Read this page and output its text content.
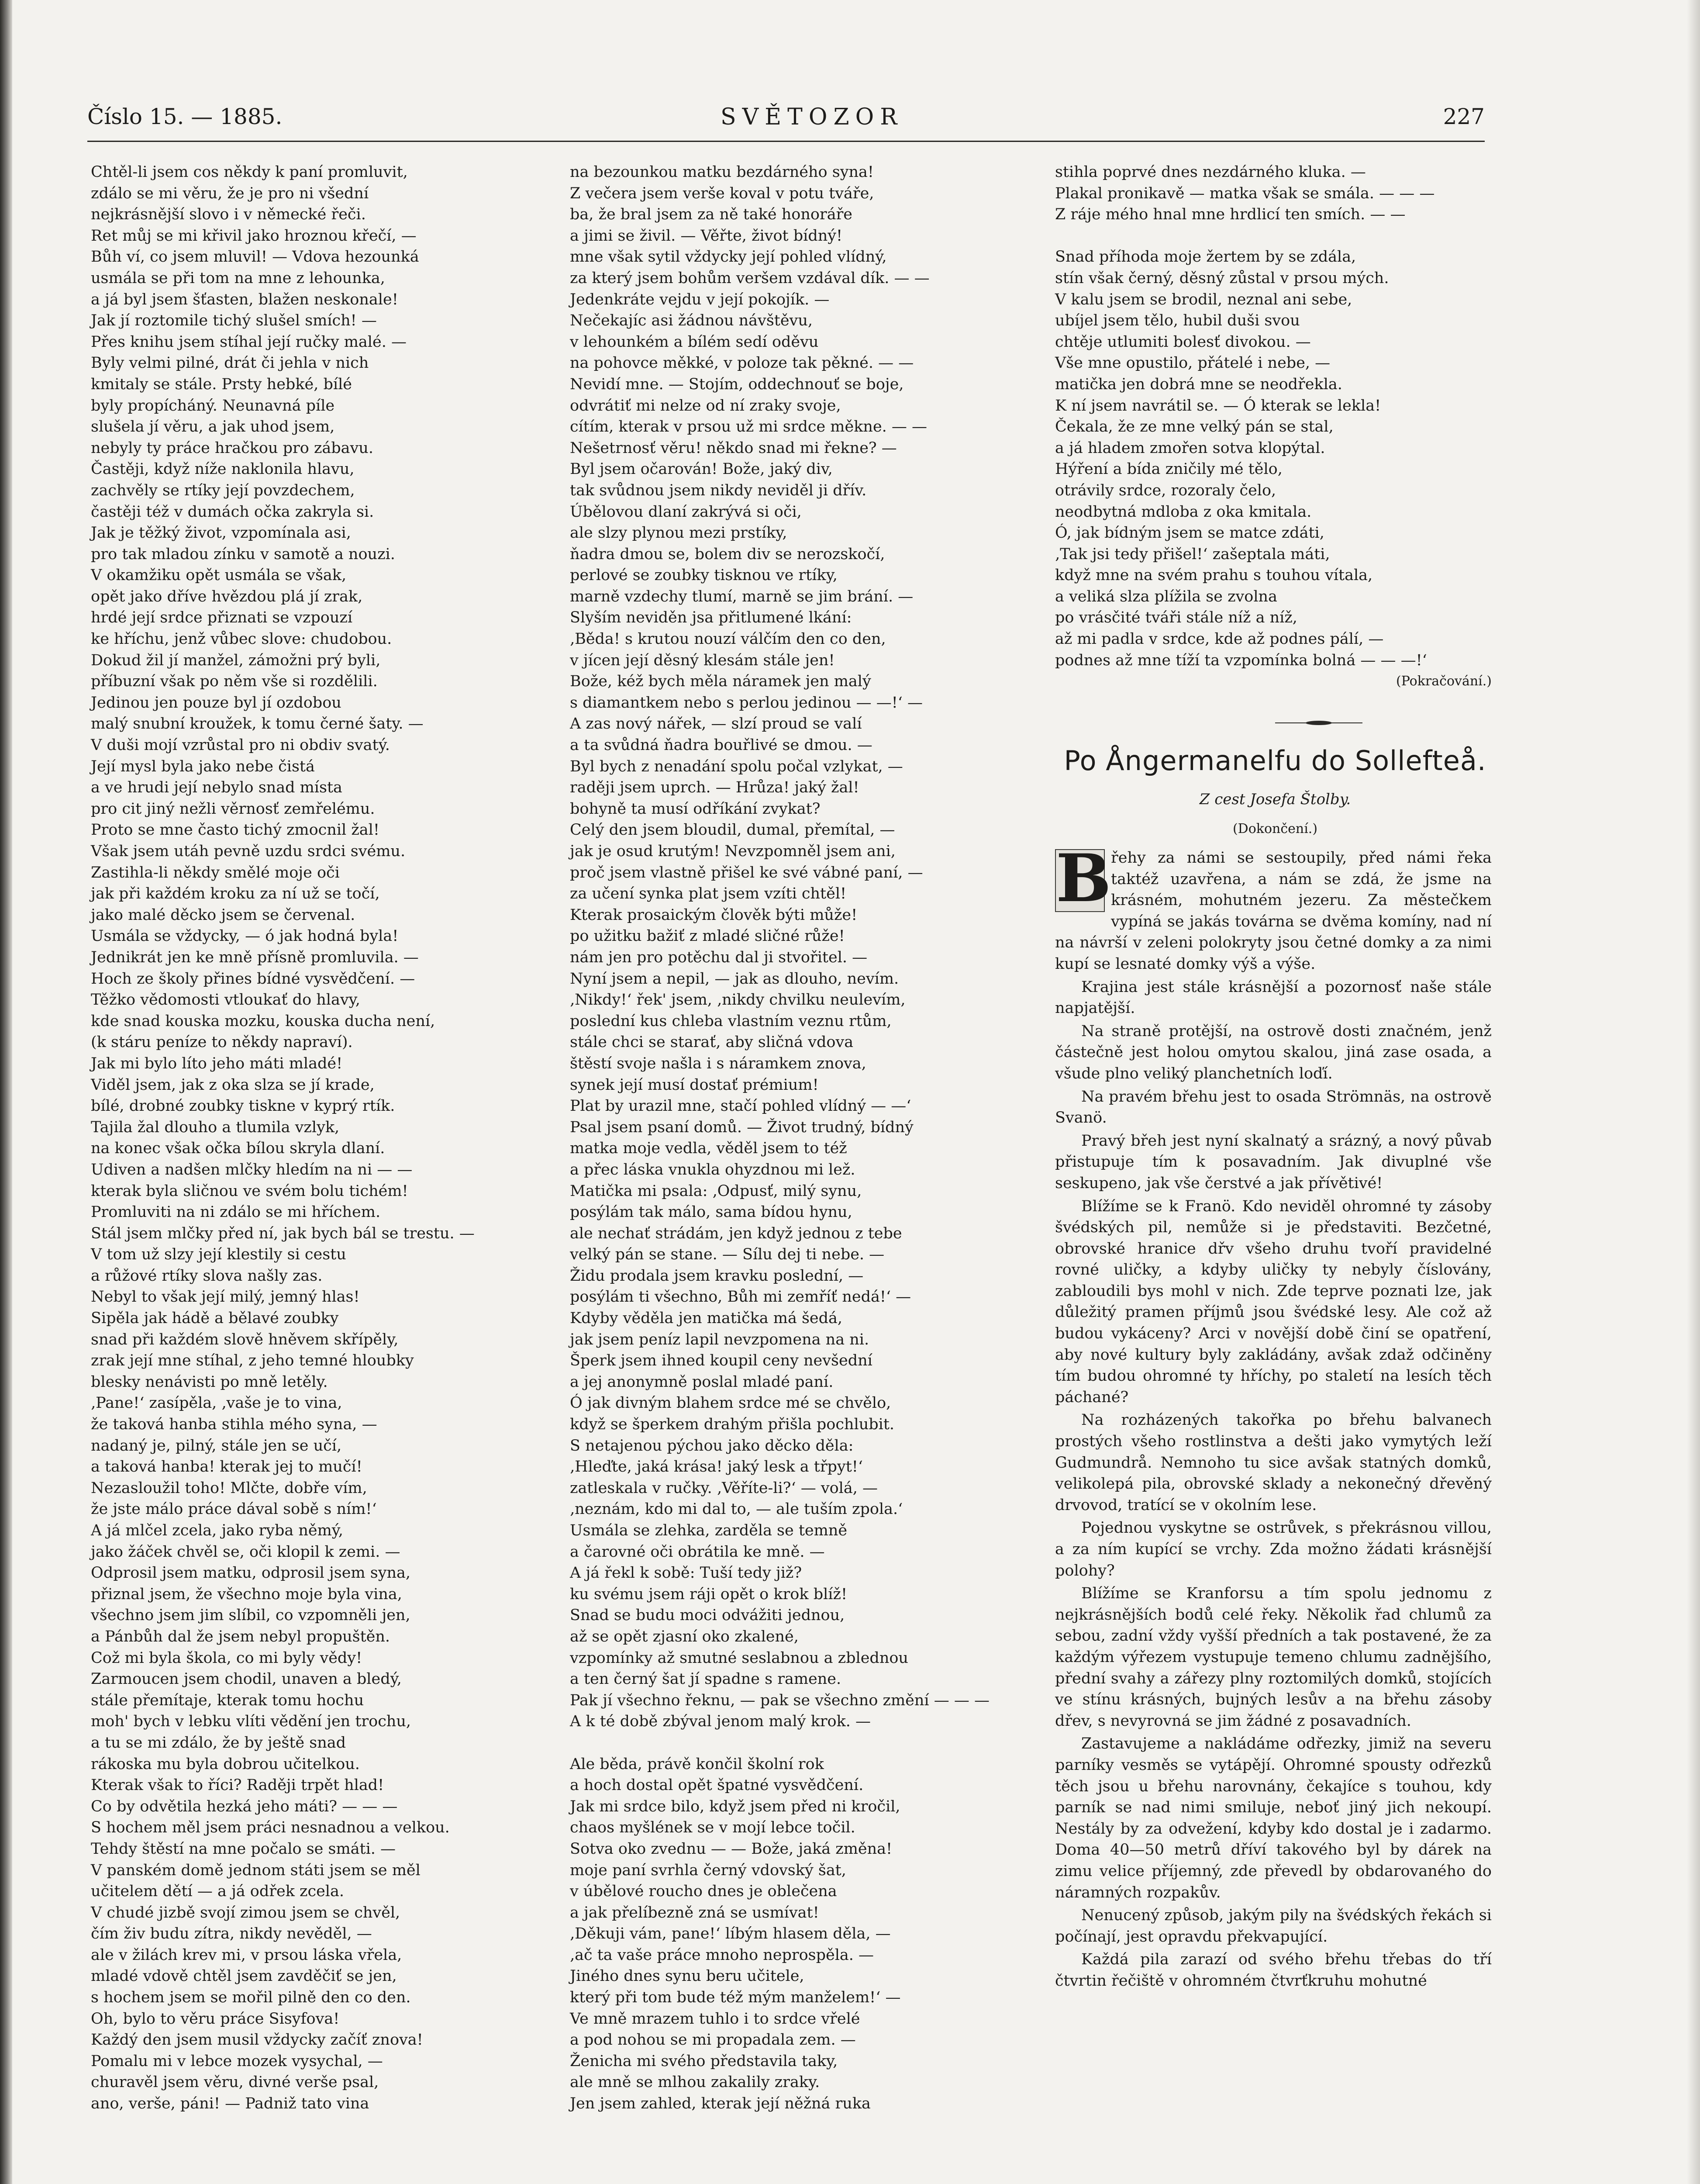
Číslo 15. — 1885.	SVĚTOZOR	227
Chtěl-li jsem cos někdy k paní promluvit,
zdálo se mi věru, že je pro ni všední
nejkrásnější slovo i v německé řeči.
Ret můj se mi křivil jako hroznou křečí, —
Bůh ví, co jsem mluvil! — Vdova hezounká
usmála se při tom na mne z lehounka,
a já byl jsem šťasten, blažen neskonale!
Jak jí roztomile tichý slušel smích! —
Přes knihu jsem stíhal její ručky malé. —
Byly velmi pilné, drát či jehla v nich
kmitaly se stále. Prsty hebké, bílé
byly propícháný. Neunavná píle
slušela jí věru, a jak uhod jsem,
nebyly ty práce hračkou pro zábavu.
Častěji, když níže naklonila hlavu,
zachvěly se rtíky její povzdechem,
častěji též v dumách očka zakryla si.
Jak je těžký život, vzpomínala asi,
pro tak mladou zínku v samotě a nouzi.
V okamžiku opět usmála se však,
opět jako dříve hvězdou plá jí zrak,
hrdé její srdce přiznati se vzpouzí
ke hříchu, jenž vůbec slove: chudobou.
Dokud žil jí manžel, zámožni prý byli,
příbuzní však po něm vše si rozdělili.
Jedinou jen pouze byl jí ozdobou
malý snubní kroužek, k tomu černé šaty. —
V duši mojí vzrůstal pro ni obdiv svatý.
Její mysl byla jako nebe čistá
a ve hrudi její nebylo snad místa
pro cit jiný nežli věrnosť zemřelému.
Proto se mne často tichý zmocnil žal!
Však jsem utáh pevně uzdu srdci svému.
Zastihla-li někdy smělé moje oči
jak při každém kroku za ní už se točí,
jako malé děcko jsem se červenal.
Usmála se vždycky, — ó jak hodná byla!
Jednikrát jen ke mně přísně promluvila. —
Hoch ze školy přines bídné vysvědčení. —
Těžko vědomosti vtloukať do hlavy,
kde snad kouska mozku, kouska ducha není,
(k stáru peníze to někdy napraví).
Jak mi bylo líto jeho máti mladé!
Viděl jsem, jak z oka slza se jí krade,
bílé, drobné zoubky tiskne v kyprý rtík.
Tajila žal dlouho a tlumila vzlyk,
na konec však očka bílou skryla dlaní.
Udiven a nadšen mlčky hledím na ni — —
kterak byla sličnou ve svém bolu tichém!
Promluviti na ni zdálo se mi hříchem.
Stál jsem mlčky před ní, jak bych bál se trestu. —
V tom už slzy její klestily si cestu
a růžové rtíky slova našly zas.
Nebyl to však její milý, jemný hlas!
Sipěla jak hádě a bělavé zoubky
snad při každém slově hněvem skřípěly,
zrak její mne stíhal, z jeho temné hloubky
blesky nenávisti po mně letěly.
‚Pane!‘ zasípěla, ‚vaše je to vina,
že taková hanba stihla mého syna, —
nadaný je, pilný, stále jen se učí,
a taková hanba! kterak jej to mučí!
Nezasloužil toho! Mlčte, dobře vím,
že jste málo práce dával sobě s ním!‘
A já mlčel zcela, jako ryba němý,
jako žáček chvěl se, oči klopil k zemi. —
Odprosil jsem matku, odprosil jsem syna,
přiznal jsem, že všechno moje byla vina,
všechno jsem jim slíbil, co vzpomněli jen,
a Pánbůh dal že jsem nebyl propuštěn.
Což mi byla škola, co mi byly vědy!
Zarmoucen jsem chodil, unaven a bledý,
stále přemítaje, kterak tomu hochu
moh' bych v lebku vlíti vědění jen trochu,
a tu se mi zdálo, že by ještě snad
rákoska mu byla dobrou učitelkou.
Kterak však to říci? Raději trpět hlad!
Co by odvětila hezká jeho máti? — — —
S hochem měl jsem práci nesnadnou a velkou.
Tehdy štěstí na mne počalo se smáti. —
V panském domě jednom státi jsem se měl
učitelem dětí — a já odřek zcela.
V chudé jizbě svojí zimou jsem se chvěl,
čím živ budu zítra, nikdy nevěděl, —
ale v žilách krev mi, v prsou láska vřela,
mladé vdově chtěl jsem zavděčiť se jen,
s hochem jsem se mořil pilně den co den.
Oh, bylo to věru práce Sisyfova!
Každý den jsem musil vždycky začíť znova!
Pomalu mi v lebce mozek vysychal, —
churavěl jsem věru, divné verše psal,
ano, verše, páni! — Padniž tato vina
na bezounkou matku bezdárného syna!
Z večera jsem verše koval v potu tváře,
ba, že bral jsem za ně také honoráře
a jimi se živil. — Věřte, život bídný!
mne však sytil vždycky její pohled vlídný,
za který jsem bohům veršem vzdával dík. — —
Jedenkráte vejdu v její pokojík. —
Nečekajíc asi žádnou návštěvu,
v lehounkém a bílém sedí oděvu
na pohovce měkké, v poloze tak pěkné. — —
Nevidí mne. — Stojím, oddechnouť se boje,
odvrátiť mi nelze od ní zraky svoje,
cítím, kterak v prsou už mi srdce měkne. — —
Nešetrnosť věru! někdo snad mi řekne? —
Byl jsem očarován! Bože, jaký div,
tak svůdnou jsem nikdy neviděl ji dřív.
Úbělovou dlaní zakrývá si oči,
ale slzy plynou mezi prstíky,
ňadra dmou se, bolem div se nerozskočí,
perlové se zoubky tisknou ve rtíky,
marně vzdechy tlumí, marně se jim brání. —
Slyším neviděn jsa přitlumené lkání:
‚Běda! s krutou nouzí válčím den co den,
v jícen její děsný klesám stále jen!
Bože, kéž bych měla náramek jen malý
s diamantkem nebo s perlou jedinou — —!‘ —
A zas nový nářek, — slzí proud se valí
a ta svůdná ňadra bouřlivé se dmou. —
Byl bych z nenadání spolu počal vzlykat, —
raději jsem uprch. — Hrůza! jaký žal!
bohyně ta musí odříkání zvykat?
Celý den jsem bloudil, dumal, přemítal, —
jak je osud krutým! Nevzpomněl jsem ani,
proč jsem vlastně přišel ke své vábné paní, —
za učení synka plat jsem vzíti chtěl!
Kterak prosaickým člověk býti může!
po užitku bažiť z mladé sličné růže!
nám jen pro potěchu dal ji stvořitel. —
Nyní jsem a nepil, — jak as dlouho, nevím.
‚Nikdy!‘ řek' jsem, ‚nikdy chvilku neulevím,
poslední kus chleba vlastním veznu rtům,
stále chci se starať, aby sličná vdova
štěstí svoje našla i s náramkem znova,
synek její musí dostať prémium!
Plat by urazil mne, stačí pohled vlídný — —‘
Psal jsem psaní domů. — Život trudný, bídný
matka moje vedla, věděl jsem to též
a přec láska vnukla ohyzdnou mi lež.
Matička mi psala: ‚Odpusť, milý synu,
posýlám tak málo, sama bídou hynu,
ale nechať strádám, jen když jednou z tebe
velký pán se stane. — Sílu dej ti nebe. —
Židu prodala jsem kravku poslední, —
posýlám ti všechno, Bůh mi zemříť nedá!‘ —
Kdyby věděla jen matička má šedá,
jak jsem peníz lapil nevzpomena na ni.
Šperk jsem ihned koupil ceny nevšední
a jej anonymně poslal mladé paní.
Ó jak divným blahem srdce mé se chvělo,
když se šperkem drahým přišla pochlubit.
S netajenou pýchou jako děcko děla:
‚Hleďte, jaká krása! jaký lesk a třpyt!‘
zatleskala v ručky. ‚Věříte-li?‘ — volá, —
‚neznám, kdo mi dal to, — ale tuším zpola.‘
Usmála se zlehka, zarděla se temně
a čarovné oči obrátila ke mně. —
A já řekl k sobě: Tuší tedy již?
ku svému jsem ráji opět o krok blíž!
Snad se budu moci odvážiti jednou,
až se opět zjasní oko zkalené,
vzpomínky až smutné seslabnou a zblednou
a ten černý šat jí spadne s ramene.
Pak jí všechno řeknu, — pak se všechno změní — — —
A k té době zbýval jenom malý krok. —
Ale běda, právě končil školní rok
a hoch dostal opět špatné vysvědčení.
Jak mi srdce bilo, když jsem před ni kročil,
chaos myšlének se v mojí lebce točil.
Sotva oko zvednu — — Bože, jaká změna!
moje paní svrhla černý vdovský šat,
v úbělové roucho dnes je oblečena
a jak přelíbezně zná se usmívat!
‚Děkuji vám, pane!‘ líbým hlasem děla, —
‚ač ta vaše práce mnoho neprospěla. —
Jiného dnes synu beru učitele,
který při tom bude též mým manželem!‘ —
Ve mně mrazem tuhlo i to srdce vřelé
a pod nohou se mi propadala zem. —
Ženicha mi svého představila taky,
ale mně se mlhou zakalily zraky.
Jen jsem zahled, kterak její něžná ruka
stihla poprvé dnes nezdárného kluka. —
Plakal pronikavě — matka však se smála. — — —
Z ráje mého hnal mne hrdlicí ten smích. — —
Snad příhoda moje žertem by se zdála,
stín však černý, děsný zůstal v prsou mých.
V kalu jsem se brodil, neznal ani sebe,
ubíjel jsem tělo, hubil duši svou
chtěje utlumiti bolesť divokou. —
Vše mne opustilo, přátelé i nebe, —
matička jen dobrá mne se neodřekla.
K ní jsem navrátil se. — Ó kterak se lekla!
Čekala, že ze mne velký pán se stal,
a já hladem zmořen sotva klopýtal.
Hýření a bída zničily mé tělo,
otrávily srdce, rozoraly čelo,
neodbytná mdloba z oka kmitala.
Ó, jak bídným jsem se matce zdáti,
‚Tak jsi tedy přišel!‘ zašeptala máti,
když mne na svém prahu s touhou vítala,
a veliká slza plížila se zvolna
po vrásčité tváři stále níž a níž,
až mi padla v srdce, kde až podnes pálí, —
podnes až mne tíží ta vzpomínka bolná — — —!‘
(Pokračování.)
Po Ångermanelfu do Sollefteå.
Z cest Josefa Štolby.
(Dokončení.)

B řehy za námi se sestoupily, před námi řeka taktéž uzavřena, a nám se zdá, že jsme na krásném, mohutném jezeru. Za městečkem vypíná se jakás továrna se dvěma komíny, nad ní na návrší v zeleni polokryty jsou četné domky a za nimi kupí se lesnaté domky výš a výše.

Krajina jest stále krásnější a pozornosť naše stále napjatější.

Na straně protější, na ostrově dosti značném, jenž částečně jest holou omytou skalou, jiná zase osada, a všude plno veliký planchetních loďí.

Na pravém břehu jest to osada Strömnäs, na ostrově Svanö.

Pravý břeh jest nyní skalnatý a srázný, a nový půvab přistupuje tím k posavadním. Jak divuplné vše seskupeno, jak vše čerstvé a jak přívětivé!

Blížíme se k Franö. Kdo neviděl ohromné ty zásoby švédských pil, nemůže si je představiti. Bezčetné, obrovské hranice dřv všeho druhu tvoří pravidelné rovné uličky, a kdyby uličky ty nebyly číslovány, zabloudili bys mohl v nich. Zde teprve poznati lze, jak důležitý pramen příjmů jsou švédské lesy. Ale což až budou vykáceny? Arci v novější době činí se opatření, aby nové kultury byly zakládány, avšak zdaž odčiněny tím budou ohromné ty hříchy, po staletí na lesích těch páchané?

Na rozházených takořka po břehu balvanech prostých všeho rostlinstva a dešti jako vymytých leží Gudmundrå. Nemnoho tu sice avšak statných domků, velikolepá pila, obrovské sklady a nekonečný dřevěný drvovod, tratící se v okolním lese.

Pojednou vyskytne se ostrůvek, s překrásnou villou, a za ním kupící se vrchy. Zda možno žádati krásnější polohy?

Blížíme se Kranforsu a tím spolu jednomu z nejkrásnějších bodů celé řeky. Několik řad chlumů za sebou, zadní vždy vyšší předních a tak postavené, že za každým výřezem vystupuje temeno chlumu zadnějšího, přední svahy a zářezy plny roztomilých domků, stojících ve stínu krásných, bujných lesův a na břehu zásoby dřev, s nevyrovná se jim žádné z posavadních.

Zastavujeme a nakládáme odřezky, jimiž na severu parníky vesměs se vytápějí. Ohromné spousty odřezků těch jsou u břehu narovnány, čekajíce s touhou, kdy parník se nad nimi smiluje, neboť jiný jich nekoupí. Nestály by za odvežení, kdyby kdo dostal je i zadarmo. Doma 40—50 metrů dříví takového byl by dárek na zimu velice příjemný, zde převedl by obdarovaného do náramných rozpakův.

Nenucený způsob, jakým pily na švédských řekách si počínají, jest opravdu překvapující.

Každá pila zarazí od svého břehu třebas do tří čtvrtin řečiště v ohromném čtvrťkruhu mohutné
